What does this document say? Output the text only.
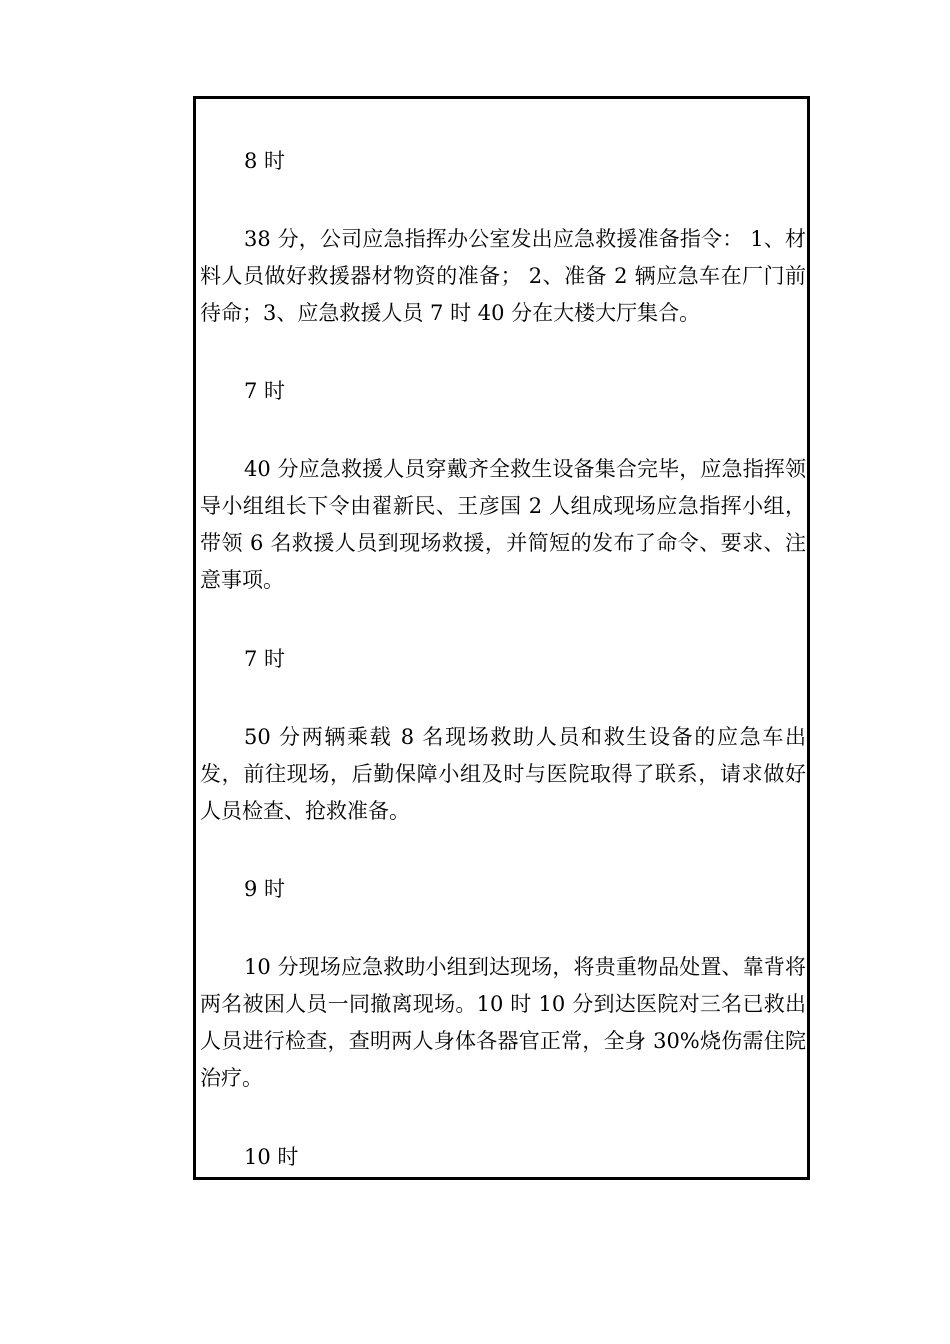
8 时

38 分，公司应急指挥办公室发出应急救援准备指令： 1、材料人员做好救援器材物资的准备； 2、准备 2 辆应急车在厂门前待命；3、应急救援人员 7 时 40 分在大楼大厅集合。

7 时

40 分应急救援人员穿戴齐全救生设备集合完毕，应急指挥领导小组组长下令由翟新民、王彦国 2 人组成现场应急指挥小组，带领 6 名救援人员到现场救援，并简短的发布了命令、要求、注意事项。

7 时

50 分两辆乘载 8 名现场救助人员和救生设备的应急车出发，前往现场，后勤保障小组及时与医院取得了联系，请求做好人员检查、抢救准备。

9 时

10 分现场应急救助小组到达现场，将贵重物品处置、靠背将两名被困人员一同撤离现场。10 时 10 分到达医院对三名已救出人员进行检查，查明两人身体各器官正常，全身 30%烧伤需住院治疗。

10 时
